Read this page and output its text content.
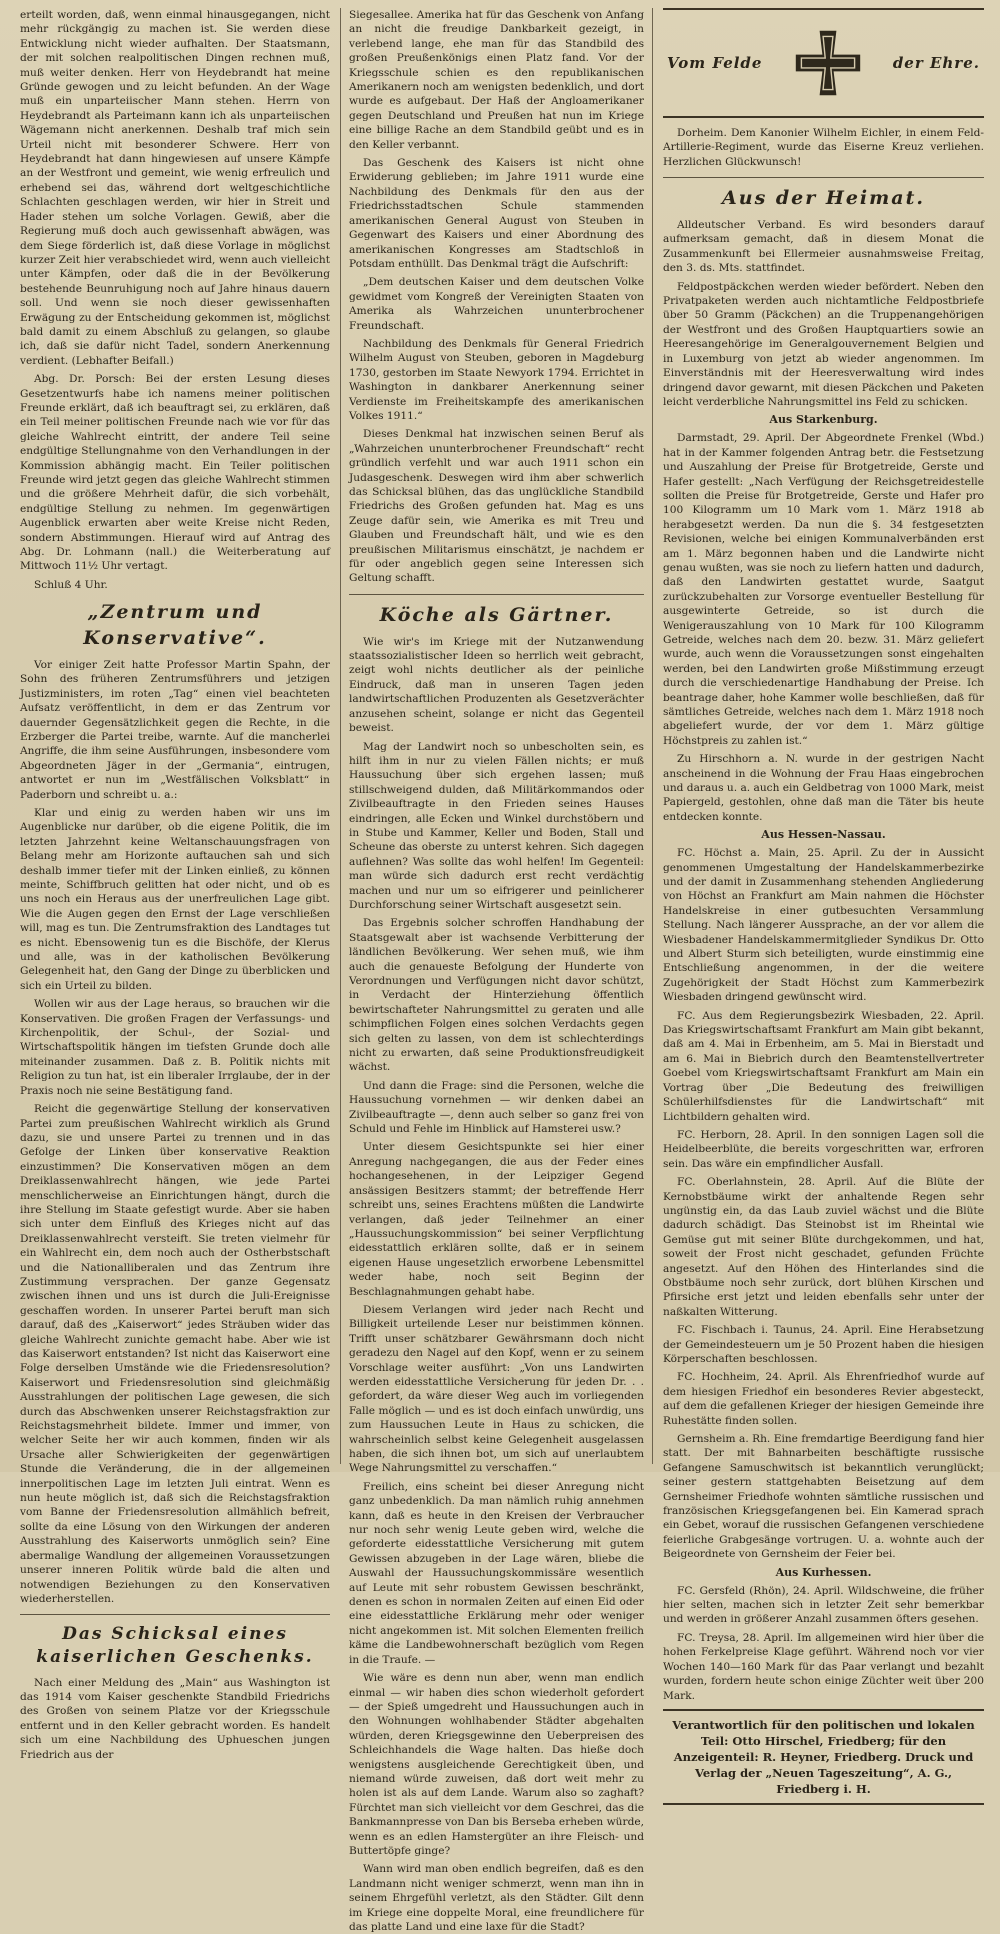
erteilt worden, daß, wenn einmal hinausgegangen, nicht mehr rückgängig zu machen ist. Sie werden diese Entwicklung nicht wieder aufhalten. Der Staatsmann, der mit solchen realpolitischen Dingen rechnen muß, muß weiter denken. Herr von Heydebrandt hat meine Gründe gewogen und zu leicht befunden. An der Wage muß ein unparteiischer Mann stehen. Herrn von Heydebrandt als Parteimann kann ich als unparteiischen Wägemann nicht anerkennen. Deshalb traf mich sein Urteil nicht mit besonderer Schwere. Herr von Heydebrandt hat dann hingewiesen auf unsere Kämpfe an der Westfront und gemeint, wie wenig erfreulich und erhebend sei das, während dort weltgeschichtliche Schlachten geschlagen werden, wir hier in Streit und Hader stehen um solche Vorlagen. Gewiß, aber die Regierung muß doch auch gewissenhaft abwägen, was dem Siege förderlich ist, daß diese Vorlage in möglichst kurzer Zeit hier verabschiedet wird, wenn auch vielleicht unter Kämpfen, oder daß die in der Bevölkerung bestehende Beunruhigung noch auf Jahre hinaus dauern soll. Und wenn sie noch dieser gewissenhaften Erwägung zu der Entscheidung gekommen ist, möglichst bald damit zu einem Abschluß zu gelangen, so glaube ich, daß sie dafür nicht Tadel, sondern Anerkennung verdient. (Lebhafter Beifall.)

Abg. Dr. Porsch: Bei der ersten Lesung dieses Gesetzentwurfs habe ich namens meiner politischen Freunde erklärt, daß ich beauftragt sei, zu erklären, daß ein Teil meiner politischen Freunde nach wie vor für das gleiche Wahlrecht eintritt, der andere Teil seine endgültige Stellungnahme von den Verhandlungen in der Kommission abhängig macht. Ein Teiler politischen Freunde wird jetzt gegen das gleiche Wahlrecht stimmen und die größere Mehrheit dafür, die sich vorbehält, endgültige Stellung zu nehmen. Im gegenwärtigen Augenblick erwarten aber weite Kreise nicht Reden, sondern Abstimmungen. Hierauf wird auf Antrag des Abg. Dr. Lohmann (nall.) die Weiterberatung auf Mittwoch 11½ Uhr vertagt.

Schluß 4 Uhr.

„Zentrum und Konservative“.

Vor einiger Zeit hatte Professor Martin Spahn, der Sohn des früheren Zentrumsführers und jetzigen Justizministers, im roten „Tag“ einen viel beachteten Aufsatz veröffentlicht, in dem er das Zentrum vor dauernder Gegensätzlichkeit gegen die Rechte, in die Erzberger die Partei treibe, warnte. Auf die mancherlei Angriffe, die ihm seine Ausführungen, insbesondere vom Abgeordneten Jäger in der „Germania“, eintrugen, antwortet er nun im „Westfälischen Volksblatt“ in Paderborn und schreibt u. a.:

Klar und einig zu werden haben wir uns im Augenblicke nur darüber, ob die eigene Politik, die im letzten Jahrzehnt keine Weltanschauungsfragen von Belang mehr am Horizonte auftauchen sah und sich deshalb immer tiefer mit der Linken einließ, zu können meinte, Schiffbruch gelitten hat oder nicht, und ob es uns noch ein Heraus aus der unerfreulichen Lage gibt. Wie die Augen gegen den Ernst der Lage verschließen will, mag es tun. Die Zentrumsfraktion des Landtages tut es nicht. Ebensowenig tun es die Bischöfe, der Klerus und alle, was in der katholischen Bevölkerung Gelegenheit hat, den Gang der Dinge zu überblicken und sich ein Urteil zu bilden.

Wollen wir aus der Lage heraus, so brauchen wir die Konservativen. Die großen Fragen der Verfassungs- und Kirchenpolitik, der Schul-, der Sozial- und Wirtschaftspolitik hängen im tiefsten Grunde doch alle miteinander zusammen. Daß z. B. Politik nichts mit Religion zu tun hat, ist ein liberaler Irrglaube, der in der Praxis noch nie seine Bestätigung fand.

Reicht die gegenwärtige Stellung der konservativen Partei zum preußischen Wahlrecht wirklich als Grund dazu, sie und unsere Partei zu trennen und in das Gefolge der Linken über konservative Reaktion einzustimmen? Die Konservativen mögen an dem Dreiklassenwahlrecht hängen, wie jede Partei menschlicherweise an Einrichtungen hängt, durch die ihre Stellung im Staate gefestigt wurde. Aber sie haben sich unter dem Einfluß des Krieges nicht auf das Dreiklassenwahlrecht versteift. Sie treten vielmehr für ein Wahlrecht ein, dem noch auch der Ostherbstschaft und die Nationalliberalen und das Zentrum ihre Zustimmung versprachen. Der ganze Gegensatz zwischen ihnen und uns ist durch die Juli-Ereignisse geschaffen worden. In unserer Partei beruft man sich darauf, daß des „Kaiserwort“ jedes Sträuben wider das gleiche Wahlrecht zunichte gemacht habe. Aber wie ist das Kaiserwort entstanden? Ist nicht das Kaiserwort eine Folge derselben Umstände wie die Friedensresolution? Kaiserwort und Friedensresolution sind gleichmäßig Ausstrahlungen der politischen Lage gewesen, die sich durch das Abschwenken unserer Reichstagsfraktion zur Reichstagsmehrheit bildete. Immer und immer, von welcher Seite her wir auch kommen, finden wir als Ursache aller Schwierigkeiten der gegenwärtigen Stunde die Veränderung, die in der allgemeinen innerpolitischen Lage im letzten Juli eintrat. Wenn es nun heute möglich ist, daß sich die Reichstagsfraktion vom Banne der Friedensresolution allmählich befreit, sollte da eine Lösung von den Wirkungen der anderen Ausstrahlung des Kaiserworts unmöglich sein? Eine abermalige Wandlung der allgemeinen Voraussetzungen unserer inneren Politik würde bald die alten und notwendigen Beziehungen zu den Konservativen wiederherstellen.

Das Schicksal eines kaiserlichen Geschenks.

Nach einer Meldung des „Main“ aus Washington ist das 1914 vom Kaiser geschenkte Standbild Friedrichs des Großen von seinem Platze vor der Kriegsschule entfernt und in den Keller gebracht worden. Es handelt sich um eine Nachbildung des Uphueschen jungen Friedrich aus der

Siegesallee. Amerika hat für das Geschenk von Anfang an nicht die freudige Dankbarkeit gezeigt, in verlebend lange, ehe man für das Standbild des großen Preußenkönigs einen Platz fand. Vor der Kriegsschule schien es den republikanischen Amerikanern noch am wenigsten bedenklich, und dort wurde es aufgebaut. Der Haß der Angloamerikaner gegen Deutschland und Preußen hat nun im Kriege eine billige Rache an dem Standbild geübt und es in den Keller verbannt.

Das Geschenk des Kaisers ist nicht ohne Erwiderung geblieben; im Jahre 1911 wurde eine Nachbildung des Denkmals für den aus der Friedrichsstadtschen Schule stammenden amerikanischen General August von Steuben in Gegenwart des Kaisers und einer Abordnung des amerikanischen Kongresses am Stadtschloß in Potsdam enthüllt. Das Denkmal trägt die Aufschrift:

„Dem deutschen Kaiser und dem deutschen Volke gewidmet vom Kongreß der Vereinigten Staaten von Amerika als Wahrzeichen ununterbrochener Freundschaft.

Nachbildung des Denkmals für General Friedrich Wilhelm August von Steuben, geboren in Magdeburg 1730, gestorben im Staate Newyork 1794. Errichtet in Washington in dankbarer Anerkennung seiner Verdienste im Freiheitskampfe des amerikanischen Volkes 1911.“

Dieses Denkmal hat inzwischen seinen Beruf als „Wahrzeichen ununterbrochener Freundschaft“ recht gründlich verfehlt und war auch 1911 schon ein Judasgeschenk. Deswegen wird ihm aber schwerlich das Schicksal blühen, das das unglückliche Standbild Friedrichs des Großen gefunden hat. Mag es uns Zeuge dafür sein, wie Amerika es mit Treu und Glauben und Freundschaft hält, und wie es den preußischen Militarismus einschätzt, je nachdem er für oder angeblich gegen seine Interessen sich Geltung schafft.

Köche als Gärtner.

Wie wir's im Kriege mit der Nutzanwendung staatssozialistischer Ideen so herrlich weit gebracht, zeigt wohl nichts deutlicher als der peinliche Eindruck, daß man in unseren Tagen jeden landwirtschaftlichen Produzenten als Gesetzverächter anzusehen scheint, solange er nicht das Gegenteil beweist.

Mag der Landwirt noch so unbescholten sein, es hilft ihm in nur zu vielen Fällen nichts; er muß Haussuchung über sich ergehen lassen; muß stillschweigend dulden, daß Militärkommandos oder Zivilbeauftragte in den Frieden seines Hauses eindringen, alle Ecken und Winkel durchstöbern und in Stube und Kammer, Keller und Boden, Stall und Scheune das oberste zu unterst kehren. Sich dagegen auflehnen? Was sollte das wohl helfen! Im Gegenteil: man würde sich dadurch erst recht verdächtig machen und nur um so eifrigerer und peinlicherer Durchforschung seiner Wirtschaft ausgesetzt sein.

Das Ergebnis solcher schroffen Handhabung der Staatsgewalt aber ist wachsende Verbitterung der ländlichen Bevölkerung. Wer sehen muß, wie ihm auch die genaueste Befolgung der Hunderte von Verordnungen und Verfügungen nicht davor schützt, in Verdacht der Hinterziehung öffentlich bewirtschafteter Nahrungsmittel zu geraten und alle schimpflichen Folgen eines solchen Verdachts gegen sich gelten zu lassen, von dem ist schlechterdings nicht zu erwarten, daß seine Produktionsfreudigkeit wächst.

Und dann die Frage: sind die Personen, welche die Haussuchung vornehmen — wir denken dabei an Zivilbeauftragte —, denn auch selber so ganz frei von Schuld und Fehle im Hinblick auf Hamsterei usw.?

Unter diesem Gesichtspunkte sei hier einer Anregung nachgegangen, die aus der Feder eines hochangesehenen, in der Leipziger Gegend ansässigen Besitzers stammt; der betreffende Herr schreibt uns, seines Erachtens müßten die Landwirte verlangen, daß jeder Teilnehmer an einer „Haussuchungskommission“ bei seiner Verpflichtung eidesstattlich erklären sollte, daß er in seinem eigenen Hause ungesetzlich erworbene Lebensmittel weder habe, noch seit Beginn der Beschlagnahmungen gehabt habe.

Diesem Verlangen wird jeder nach Recht und Billigkeit urteilende Leser nur beistimmen können. Trifft unser schätzbarer Gewährsmann doch nicht geradezu den Nagel auf den Kopf, wenn er zu seinem Vorschlage weiter ausführt: „Von uns Landwirten werden eidesstattliche Versicherung für jeden Dr. . . gefordert, da wäre dieser Weg auch im vorliegenden Falle möglich — und es ist doch einfach unwürdig, uns zum Haussuchen Leute in Haus zu schicken, die wahrscheinlich selbst keine Gelegenheit ausgelassen haben, die sich ihnen bot, um sich auf unerlaubtem Wege Nahrungsmittel zu verschaffen.“

Freilich, eins scheint bei dieser Anregung nicht ganz unbedenklich. Da man nämlich ruhig annehmen kann, daß es heute in den Kreisen der Verbraucher nur noch sehr wenig Leute geben wird, welche die geforderte eidesstattliche Versicherung mit gutem Gewissen abzugeben in der Lage wären, bliebe die Auswahl der Haussuchungskommissäre wesentlich auf Leute mit sehr robustem Gewissen beschränkt, denen es schon in normalen Zeiten auf einen Eid oder eine eidesstattliche Erklärung mehr oder weniger nicht angekommen ist. Mit solchen Elementen freilich käme die Landbewohnerschaft bezüglich vom Regen in die Traufe. —

Wie wäre es denn nun aber, wenn man endlich einmal — wir haben dies schon wiederholt gefordert — der Spieß umgedreht und Haussuchungen auch in den Wohnungen wohlhabender Städter abgehalten würden, deren Kriegsgewinne den Ueberpreisen des Schleichhandels die Wage halten. Das hieße doch wenigstens ausgleichende Gerechtigkeit üben, und niemand würde zuweisen, daß dort weit mehr zu holen ist als auf dem Lande. Warum also so zaghaft? Fürchtet man sich vielleicht vor dem Geschrei, das die Bankmannpresse von Dan bis Berseba erheben würde, wenn es an edlen Hamstergüter an ihre Fleisch- und Buttertöpfe ginge?

Wann wird man oben endlich begreifen, daß es den Landmann nicht weniger schmerzt, wenn man ihn in seinem Ehrgefühl verletzt, als den Städter. Gilt denn im Kriege eine doppelte Moral, eine freundlichere für das platte Land und eine laxe für die Stadt?

Vom Felde	der Ehre.

Dorheim. Dem Kanonier Wilhelm Eichler, in einem Feld-Artillerie-Regiment, wurde das Eiserne Kreuz verliehen. Herzlichen Glückwunsch!

Aus der Heimat.

Alldeutscher Verband. Es wird besonders darauf aufmerksam gemacht, daß in diesem Monat die Zusammenkunft bei Ellermeier ausnahmsweise Freitag, den 3. ds. Mts. stattfindet.

Feldpostpäckchen werden wieder befördert. Neben den Privatpaketen werden auch nichtamtliche Feldpostbriefe über 50 Gramm (Päckchen) an die Truppenangehörigen der Westfront und des Großen Hauptquartiers sowie an Heeresangehörige im Generalgouvernement Belgien und in Luxemburg von jetzt ab wieder angenommen. Im Einverständnis mit der Heeresverwaltung wird indes dringend davor gewarnt, mit diesen Päckchen und Paketen leicht verderbliche Nahrungsmittel ins Feld zu schicken.

Aus Starkenburg.

Darmstadt, 29. April. Der Abgeordnete Frenkel (Wbd.) hat in der Kammer folgenden Antrag betr. die Festsetzung und Auszahlung der Preise für Brotgetreide, Gerste und Hafer gestellt: „Nach Verfügung der Reichsgetreidestelle sollten die Preise für Brotgetreide, Gerste und Hafer pro 100 Kilogramm um 10 Mark vom 1. März 1918 ab herabgesetzt werden. Da nun die §. 34 festgesetzten Revisionen, welche bei einigen Kommunalverbänden erst am 1. März begonnen haben und die Landwirte nicht genau wußten, was sie noch zu liefern hatten und dadurch, daß den Landwirten gestattet wurde, Saatgut zurückzubehalten zur Vorsorge eventueller Bestellung für ausgewinterte Getreide, so ist durch die Wenigerauszahlung von 10 Mark für 100 Kilogramm Getreide, welches nach dem 20. bezw. 31. März geliefert wurde, auch wenn die Voraussetzungen sonst eingehalten werden, bei den Landwirten große Mißstimmung erzeugt durch die verschiedenartige Handhabung der Preise. Ich beantrage daher, hohe Kammer wolle beschließen, daß für sämtliches Getreide, welches nach dem 1. März 1918 noch abgeliefert wurde, der vor dem 1. März gültige Höchstpreis zu zahlen ist.“

Zu Hirschhorn a. N. wurde in der gestrigen Nacht anscheinend in die Wohnung der Frau Haas eingebrochen und daraus u. a. auch ein Geldbetrag von 1000 Mark, meist Papiergeld, gestohlen, ohne daß man die Täter bis heute entdecken konnte.

Aus Hessen-Nassau.

FC. Höchst a. Main, 25. April. Zu der in Aussicht genommenen Umgestaltung der Handelskammerbezirke und der damit in Zusammenhang stehenden Angliederung von Höchst an Frankfurt am Main nahmen die Höchster Handelskreise in einer gutbesuchten Versammlung Stellung. Nach längerer Aussprache, an der vor allem die Wiesbadener Handelskammermitglieder Syndikus Dr. Otto und Albert Sturm sich beteiligten, wurde einstimmig eine Entschließung angenommen, in der die weitere Zugehörigkeit der Stadt Höchst zum Kammerbezirk Wiesbaden dringend gewünscht wird.

FC. Aus dem Regierungsbezirk Wiesbaden, 22. April. Das Kriegswirtschaftsamt Frankfurt am Main gibt bekannt, daß am 4. Mai in Erbenheim, am 5. Mai in Bierstadt und am 6. Mai in Biebrich durch den Beamtenstellvertreter Goebel vom Kriegswirtschaftsamt Frankfurt am Main ein Vortrag über „Die Bedeutung des freiwilligen Schülerhilfsdienstes für die Landwirtschaft“ mit Lichtbildern gehalten wird.

FC. Herborn, 28. April. In den sonnigen Lagen soll die Heidelbeerblüte, die bereits vorgeschritten war, erfroren sein. Das wäre ein empfindlicher Ausfall.

FC. Oberlahnstein, 28. April. Auf die Blüte der Kernobstbäume wirkt der anhaltende Regen sehr ungünstig ein, da das Laub zuviel wächst und die Blüte dadurch schädigt. Das Steinobst ist im Rheintal wie Gemüse gut mit seiner Blüte durchgekommen, und hat, soweit der Frost nicht geschadet, gefunden Früchte angesetzt. Auf den Höhen des Hinterlandes sind die Obstbäume noch sehr zurück, dort blühen Kirschen und Pfirsiche erst jetzt und leiden ebenfalls sehr unter der naßkalten Witterung.

FC. Fischbach i. Taunus, 24. April. Eine Herabsetzung der Gemeindesteuern um je 50 Prozent haben die hiesigen Körperschaften beschlossen.

FC. Hochheim, 24. April. Als Ehrenfriedhof wurde auf dem hiesigen Friedhof ein besonderes Revier abgesteckt, auf dem die gefallenen Krieger der hiesigen Gemeinde ihre Ruhestätte finden sollen.

Gernsheim a. Rh. Eine fremdartige Beerdigung fand hier statt. Der mit Bahnarbeiten beschäftigte russische Gefangene Samuschwitsch ist bekanntlich verunglückt; seiner gestern stattgehabten Beisetzung auf dem Gernsheimer Friedhofe wohnten sämtliche russischen und französischen Kriegsgefangenen bei. Ein Kamerad sprach ein Gebet, worauf die russischen Gefangenen verschiedene feierliche Grabgesänge vortrugen. U. a. wohnte auch der Beigeordnete von Gernsheim der Feier bei.

Aus Kurhessen.

FC. Gersfeld (Rhön), 24. April. Wildschweine, die früher hier selten, machen sich in letzter Zeit sehr bemerkbar und werden in größerer Anzahl zusammen öfters gesehen.

FC. Treysa, 28. April. Im allgemeinen wird hier über die hohen Ferkelpreise Klage geführt. Während noch vor vier Wochen 140—160 Mark für das Paar verlangt und bezahlt wurden, fordern heute schon einige Züchter weit über 200 Mark.

Verantwortlich für den politischen und lokalen Teil: Otto Hirschel, Friedberg; für den Anzeigenteil: R. Heyner, Friedberg. Druck und Verlag der „Neuen Tageszeitung“, A. G., Friedberg i. H.
